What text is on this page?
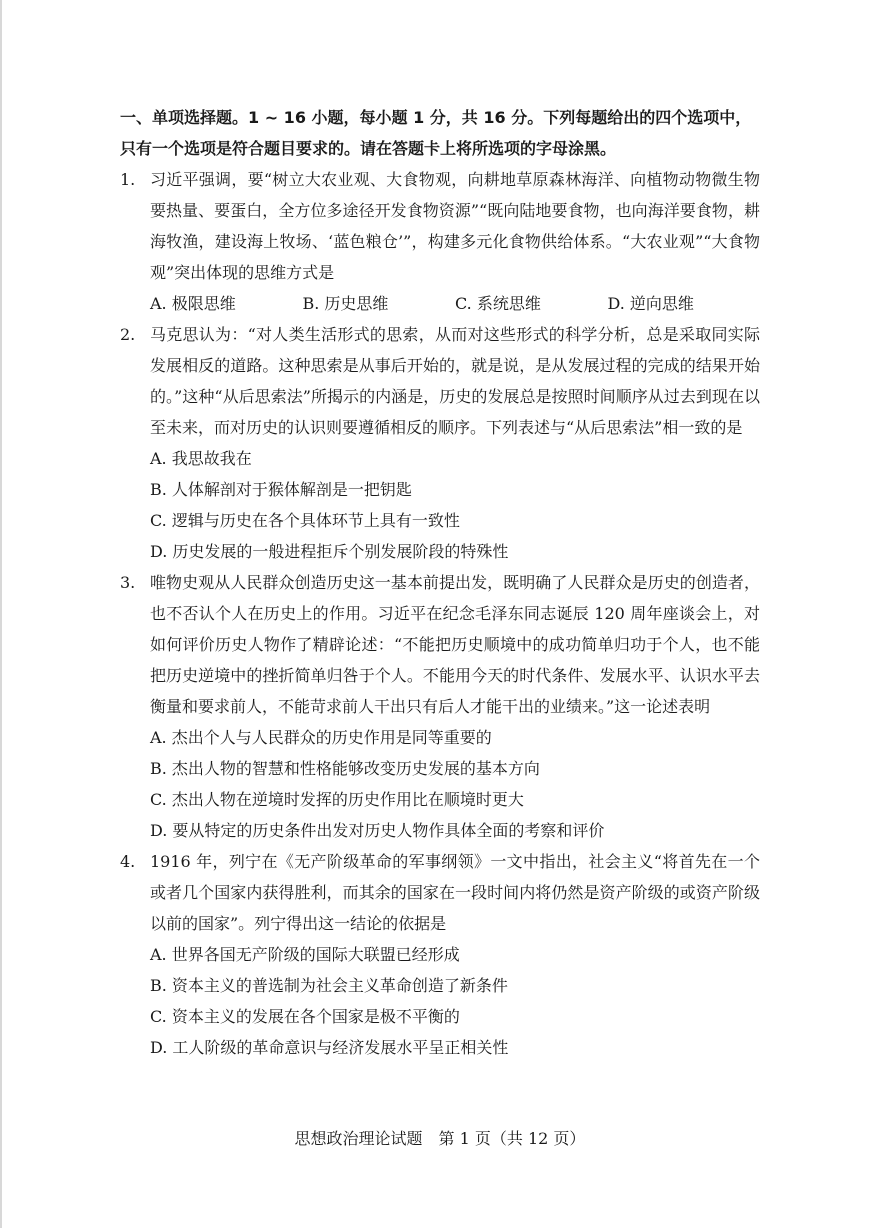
一、单项选择题。1 ~ 16 小题，每小题 1 分，共 16 分。下列每题给出的四个选项中，

只有一个选项是符合题目要求的。请在答题卡上将所选项的字母涂黑。

1. 习近平强调，要“树立大农业观、大食物观，向耕地草原森林海洋、向植物动物微生物要热量、要蛋白，全方位多途径开发食物资源”“既向陆地要食物，也向海洋要食物，耕海牧渔，建设海上牧场、‘蓝色粮仓’”，构建多元化食物供给体系。“大农业观”“大食物观”突出体现的思维方式是
A. 极限思维	B. 历史思维	C. 系统思维	D. 逆向思维
2. 马克思认为：“对人类生活形式的思索，从而对这些形式的科学分析，总是采取同实际发展相反的道路。这种思索是从事后开始的，就是说，是从发展过程的完成的结果开始的。”这种“从后思索法”所揭示的内涵是，历史的发展总是按照时间顺序从过去到现在以至未来，而对历史的认识则要遵循相反的顺序。下列表述与“从后思索法”相一致的是

A. 我思故我在

B. 人体解剖对于猴体解剖是一把钥匙

C. 逻辑与历史在各个具体环节上具有一致性

D. 历史发展的一般进程拒斥个别发展阶段的特殊性

3. 唯物史观从人民群众创造历史这一基本前提出发，既明确了人民群众是历史的创造者，也不否认个人在历史上的作用。习近平在纪念毛泽东同志诞辰 120 周年座谈会上，对如何评价历史人物作了精辟论述：“不能把历史顺境中的成功简单归功于个人，也不能把历史逆境中的挫折简单归咎于个人。不能用今天的时代条件、发展水平、认识水平去衡量和要求前人，不能苛求前人干出只有后人才能干出的业绩来。”这一论述表明

A. 杰出个人与人民群众的历史作用是同等重要的

B. 杰出人物的智慧和性格能够改变历史发展的基本方向

C. 杰出人物在逆境时发挥的历史作用比在顺境时更大

D. 要从特定的历史条件出发对历史人物作具体全面的考察和评价

4. 1916 年，列宁在《无产阶级革命的军事纲领》一文中指出，社会主义“将首先在一个或者几个国家内获得胜利，而其余的国家在一段时间内将仍然是资产阶级的或资产阶级以前的国家”。列宁得出这一结论的依据是

A. 世界各国无产阶级的国际大联盟已经形成

B. 资本主义的普选制为社会主义革命创造了新条件

C. 资本主义的发展在各个国家是极不平衡的

D. 工人阶级的革命意识与经济发展水平呈正相关性

思想政治理论试题　第 1 页（共 12 页）
